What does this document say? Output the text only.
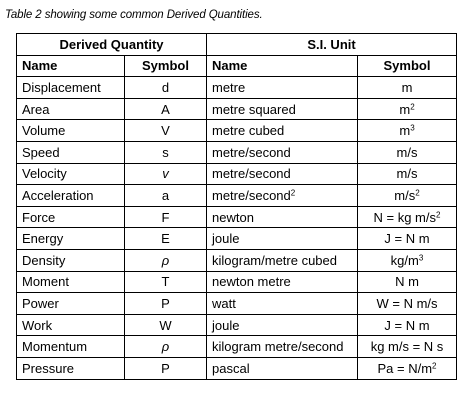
Table 2 showing some common Derived Quantities.
Derived Quantity		S.I. Unit	
Name	Symbol	Name	Symbol
Displacement	d	metre	m
Area	A	metre squared	$m^2$
Volume	V	metre cubed	$m^3$
Speed	s	metre/second	m/s
Velocity	v	metre/second	m/s
Acceleration	a	metre/second$^2$	$m/s^2$
Force	F	newton	N = kg $m/s^2$
Energy	E	joule	J = N m
Density	ρ	kilogram/metre cubed	$kg/m^3$
Moment	T	newton metre	N m
Power	P	watt	W = N m/s
Work	W	joule	J = N m
Momentum	ρ	kilogram metre/second	kg m/s = N s
Pressure	P	pascal	$Pa = N/m^2$
